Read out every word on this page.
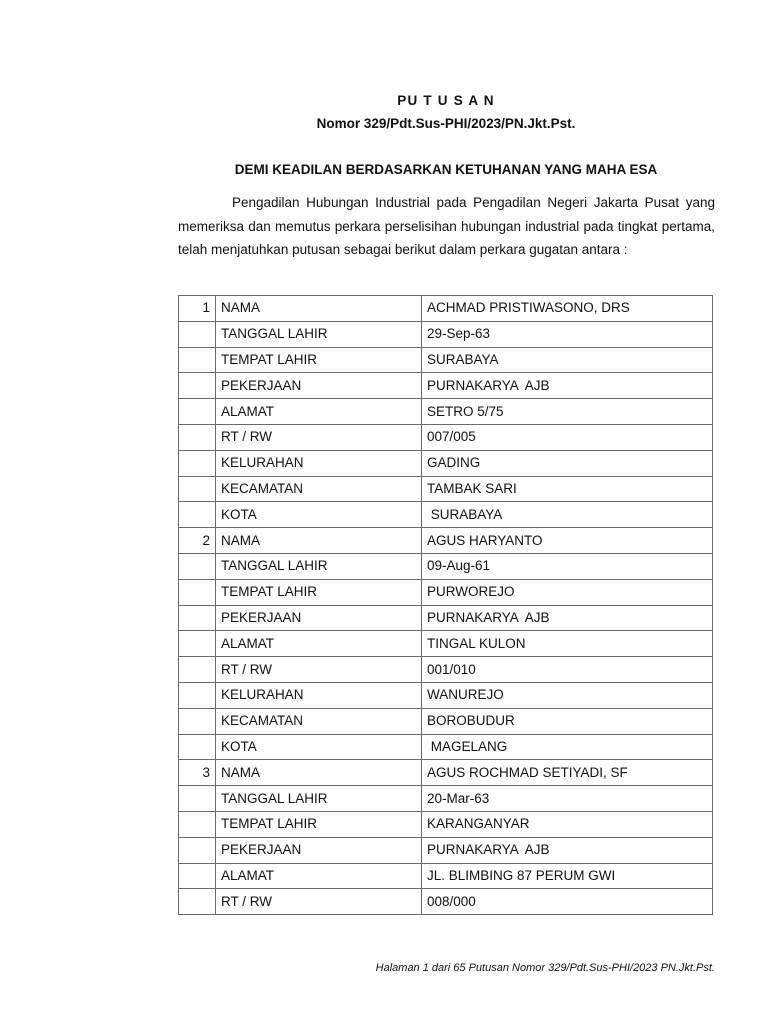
PU T U S A N
Nomor 329/Pdt.Sus-PHI/2023/PN.Jkt.Pst.
DEMI KEADILAN BERDASARKAN KETUHANAN YANG MAHA ESA

Pengadilan Hubungan Industrial pada Pengadilan Negeri Jakarta Pusat yang memeriksa dan memutus perkara perselisihan hubungan industrial pada tingkat pertama, telah menjatuhkan putusan sebagai berikut dalam perkara gugatan antara :

1	NAMA	ACHMAD PRISTIWASONO, DRS
	TANGGAL LAHIR	29-Sep-63
	TEMPAT LAHIR	SURABAYA
	PEKERJAAN	PURNAKARYA  AJB
	ALAMAT	SETRO 5/75
	RT / RW	007/005
	KELURAHAN	GADING
	KECAMATAN	TAMBAK SARI
	KOTA	SURABAYA
2	NAMA	AGUS HARYANTO
	TANGGAL LAHIR	09-Aug-61
	TEMPAT LAHIR	PURWOREJO
	PEKERJAAN	PURNAKARYA  AJB
	ALAMAT	TINGAL KULON
	RT / RW	001/010
	KELURAHAN	WANUREJO
	KECAMATAN	BOROBUDUR
	KOTA	MAGELANG
3	NAMA	AGUS ROCHMAD SETIYADI, SF
	TANGGAL LAHIR	20-Mar-63
	TEMPAT LAHIR	KARANGANYAR
	PEKERJAAN	PURNAKARYA  AJB
	ALAMAT	JL. BLIMBING 87 PERUM GWI
	RT / RW	008/000
Halaman 1 dari 65 Putusan Nomor 329/Pdt.Sus-PHI/2023 PN.Jkt.Pst.
